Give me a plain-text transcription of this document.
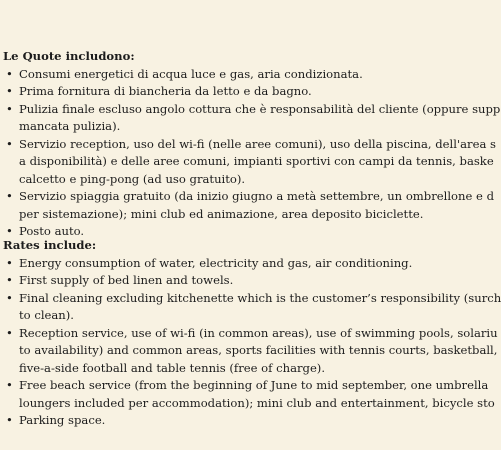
Le Quote includono:
• Consumi energetici di acqua luce e gas, aria condizionata.
• Prima fornitura di biancheria da letto e da bagno.
• Pulizia finale escluso angolo cottura che è responsabilità del cliente (oppure supp
mancata pulizia).
• Servizio reception, uso del wi-fi (nelle aree comuni), uso della piscina, dell'area s
a disponibilità) e delle aree comuni, impianti sportivi con campi da tennis, baske
calcetto e ping-pong (ad uso gratuito).
• Servizio spiaggia gratuito (da inizio giugno a metà settembre, un ombrellone e d
per sistemazione); mini club ed animazione, area deposito biciclette.
• Posto auto.
Rates include:
• Energy consumption of water, electricity and gas, air conditioning.
• First supply of bed linen and towels.
• Final cleaning excluding kitchenette which is the customer’s responsibility (surch
to clean).
• Reception service, use of wi-fi (in common areas), use of swimming pools, solariu
to availability) and common areas, sports facilities with tennis courts, basketball,
five-a-side football and table tennis (free of charge).
• Free beach service (from the beginning of June to mid september, one umbrella
loungers included per accommodation); mini club and entertainment, bicycle sto
• Parking space.
